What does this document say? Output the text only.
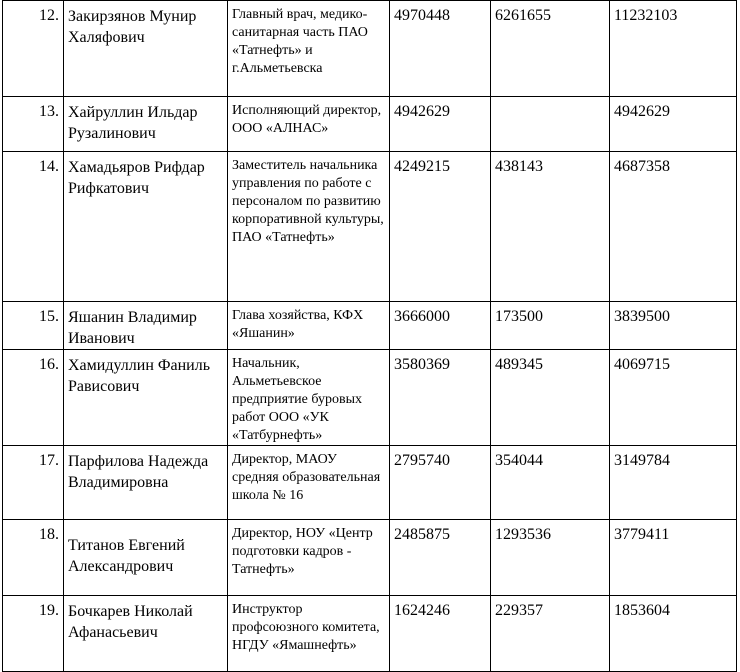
12.	Закирзянов Мунир Халяфович	Главный врач, медико-санитарная часть ПАО «Татнефть» и г.Альметьевска	4970448	6261655	11232103
13.	Хайруллин Ильдар Рузалинович	Исполняющий директор, ООО «АЛНАС»	4942629		4942629
14.	Хамадьяров Рифдар Рифкатович	Заместитель начальника управления по работе с персоналом по развитию корпоративной культуры, ПАО «Татнефть»	4249215	438143	4687358
15.	Яшанин Владимир Иванович	Глава хозяйства, КФХ «Яшанин»	3666000	173500	3839500
16.	Хамидуллин Фаниль Рависович	Начальник, Альметьевское предприятие буровых работ ООО «УК «Татбурнефть»	3580369	489345	4069715
17.	Парфилова Надежда Владимировна	Директор, МАОУ средняя образовательная школа № 16	2795740	354044	3149784
18.	Титанов Евгений Александрович	Директор, НОУ «Центр подготовки кадров - Татнефть»	2485875	1293536	3779411
19.	Бочкарев Николай Афанасьевич	Инструктор профсоюзного комитета, НГДУ «Ямашнефть»	1624246	229357	1853604
